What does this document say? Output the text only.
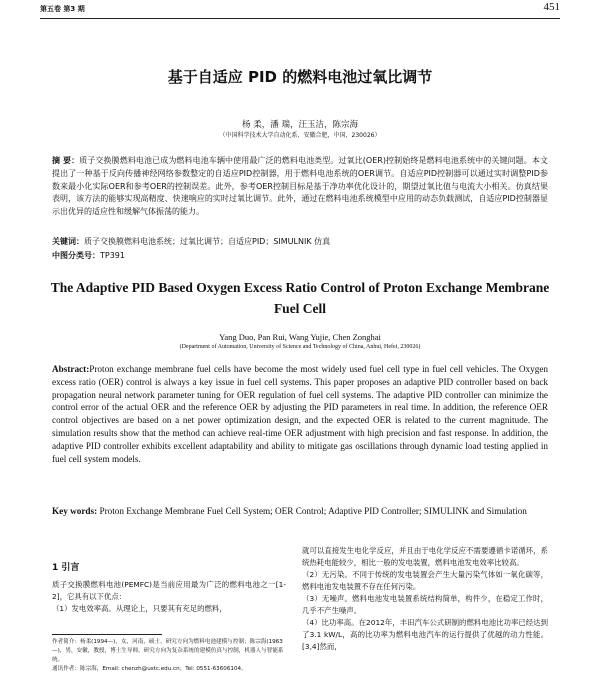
第五卷 第3 期	451
基于自适应 PID 的燃料电池过氧比调节
杨 柔，潘 瑞，汪玉洁，陈宗海
（中国科学技术大学自动化系，安徽合肥，中国，230026）
摘 要：质子交换膜燃料电池已成为燃料电池车辆中使用最广泛的燃料电池类型。过氧比(OER)控制始终是燃料电池系统中的关键问题。本文提出了一种基于反向传播神经网络参数整定的自适应PID控制器，用于燃料电池系统的OER调节。自适应PID控制器可以通过实时调整PID参数来最小化实际OER和参考OER的控制误差。此外，参考OER控制目标是基于净功率优化设计的，期望过氧比值与电流大小相关。仿真结果表明，该方法的能够实现高精度、快速响应的实时过氧比调节。此外，通过在燃料电池系统模型中应用的动态负载测试，自适应PID控制器显示出优异的适应性和缓解气体振荡的能力。
关键词：质子交换膜燃料电池系统；过氧比调节；自适应PID；SIMULNIK 仿真
中图分类号：TP391
The Adaptive PID Based Oxygen Excess Ratio Control of Proton Exchange Membrane Fuel Cell
Yang Duo, Pan Rui, Wang Yujie, Chen Zonghai
(Department of Automation, University of Science and Technology of China, Anhui, Hefei, 230026)
Abstract:Proton exchange membrane fuel cells have become the most widely used fuel cell type in fuel cell vehicles. The Oxygen excess ratio (OER) control is always a key issue in fuel cell systems. This paper proposes an adaptive PID controller based on back propagation neural network parameter tuning for OER regulation of fuel cell systems. The adaptive PID controller can minimize the control error of the actual OER and the reference OER by adjusting the PID parameters in real time. In addition, the reference OER control objectives are based on a net power optimization design, and the expected OER is related to the current magnitude. The simulation results show that the method can achieve real-time OER adjustment with high precision and fast response. In addition, the adaptive PID controller exhibits excellent adaptability and ability to mitigate gas oscillations through dynamic load testing applied in fuel cell system models.
Key words: Proton Exchange Membrane Fuel Cell System; OER Control; Adaptive PID Controller; SIMULINK and Simulation
1 引言

质子交换膜燃料电池(PEMFC)是当前应用最为广泛的燃料电池之一[1-2]，它具有以下优点：

（1）发电效率高。从理论上，只要其有充足的燃料，

就可以直接发生电化学反应，并且由于电化学反应不需要遵循卡诺循环，系统热耗电能较少，相比一般的发电装置，燃料电池发电效率比较高。

（2）无污染。不同于传统的发电装置会产生大量污染气体如一氧化碳等，燃料电池发电装置不存在任何污染。

（3）无噪声。燃料电池发电装置系统结构简单，构件少，在稳定工作时，几乎不产生噪声。

（4）比功率高。在2012年，丰田汽车公式研制的燃料电池比功率已经达到了3.1 kW/L，高的比功率为燃料电池汽车的运行提供了优越的动力性能。[3,4]然而，

作者简介：杨柔(1994—)，女，河南，硕士，研究方向为燃料电池建模与控制；陈宗海(1963—)，男，安徽，教授，博士生导师，研究方向为复杂系统的建模仿真与控制，机器人与智能系统。

通讯作者：陈宗海，Email: chenzh@ustc.edu.cn；Tel: 0551-63606104。
